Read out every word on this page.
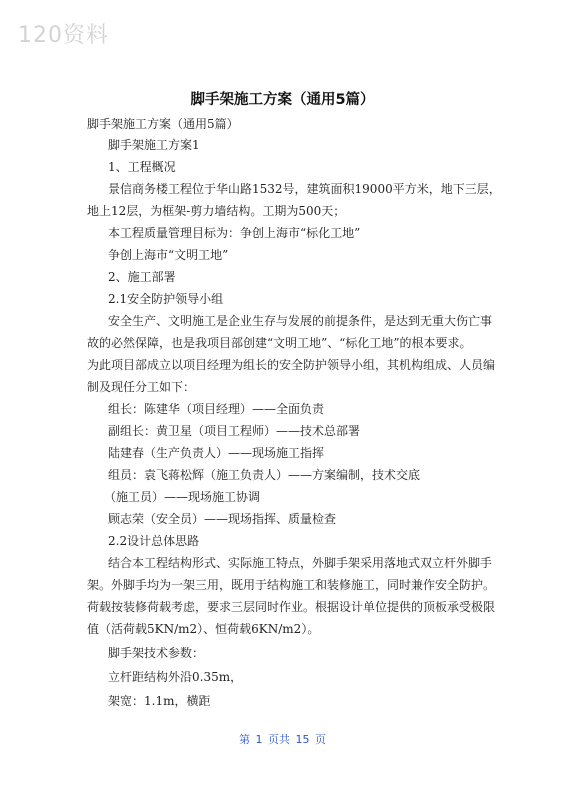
120资料
脚手架施工方案（通用5篇）
脚手架施工方案（通用5篇）
脚手架施工方案1
1、工程概况
景信商务楼工程位于华山路1532号，建筑面积19000平方米，地下三层，
地上12层，为框架-剪力墙结构。工期为500天；
本工程质量管理目标为：争创上海市“标化工地”
争创上海市“文明工地”
2、施工部署
2.1安全防护领导小组
安全生产、文明施工是企业生存与发展的前提条件，是达到无重大伤亡事
故的必然保障，也是我项目部创建“文明工地”、“标化工地”的根本要求。
为此项目部成立以项目经理为组长的安全防护领导小组，其机构组成、人员编
制及现任分工如下：
组长：陈建华（项目经理）——全面负责
副组长：黄卫星（项目工程师）——技术总部署
陆建春（生产负责人）——现场施工指挥
组员：袁飞蒋松辉（施工负责人）——方案编制，技术交底
（施工员）——现场施工协调
顾志荣（安全员）——现场指挥、质量检查
2.2设计总体思路
结合本工程结构形式、实际施工特点，外脚手架采用落地式双立杆外脚手
架。外脚手均为一架三用，既用于结构施工和装修施工，同时兼作安全防护。
荷载按装修荷载考虑，要求三层同时作业。根据设计单位提供的顶板承受极限
值（活荷载5KN/m2）、恒荷载6KN/m2）。
脚手架技术参数：
立杆距结构外沿0.35m，
架宽：1.1m，横距
第 1 页共 15 页
